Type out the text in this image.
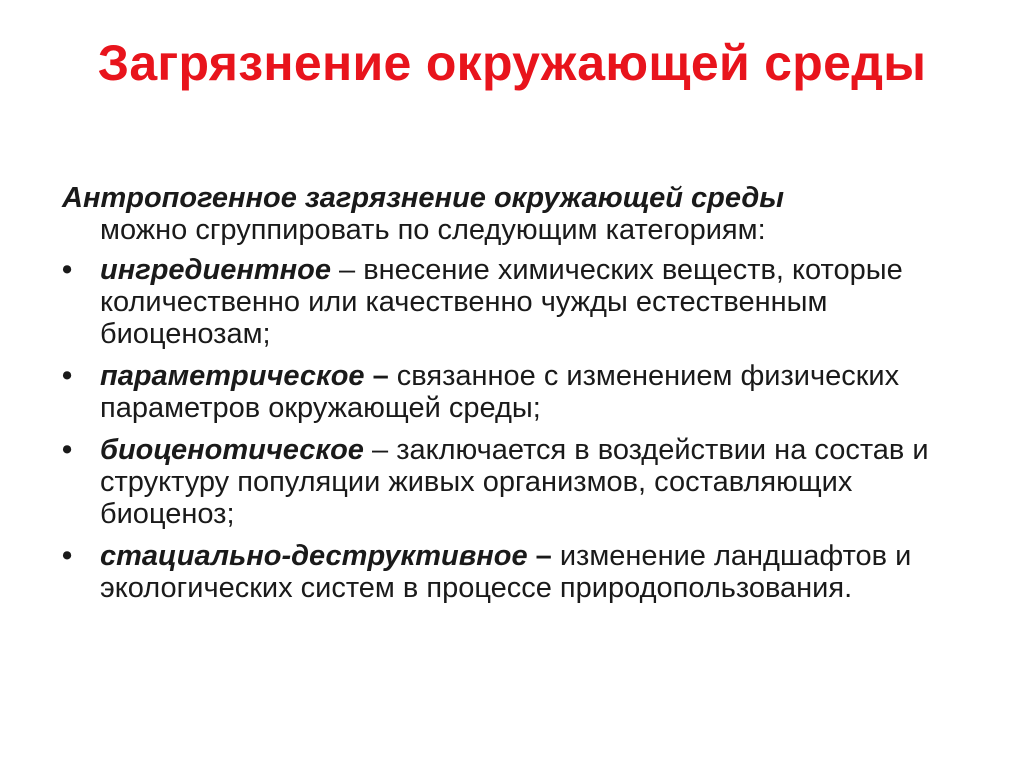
Загрязнение окружающей среды

Антропогенное загрязнение окружающей среды
можно сгруппировать по следующим категориям:

• ингрeдиентное – внесение химических веществ, которые количественно или качественно чужды естественным биоценозам;
• параметрическое – связанное с изменением физических параметров окружающей среды;
• биоценотическое – заключается в воздействии на состав и структуру популяции живых организмов, составляющих биоценоз;
• стациально-деструктивное – изменение ландшафтов и экологических систем в процессе природопользования.
